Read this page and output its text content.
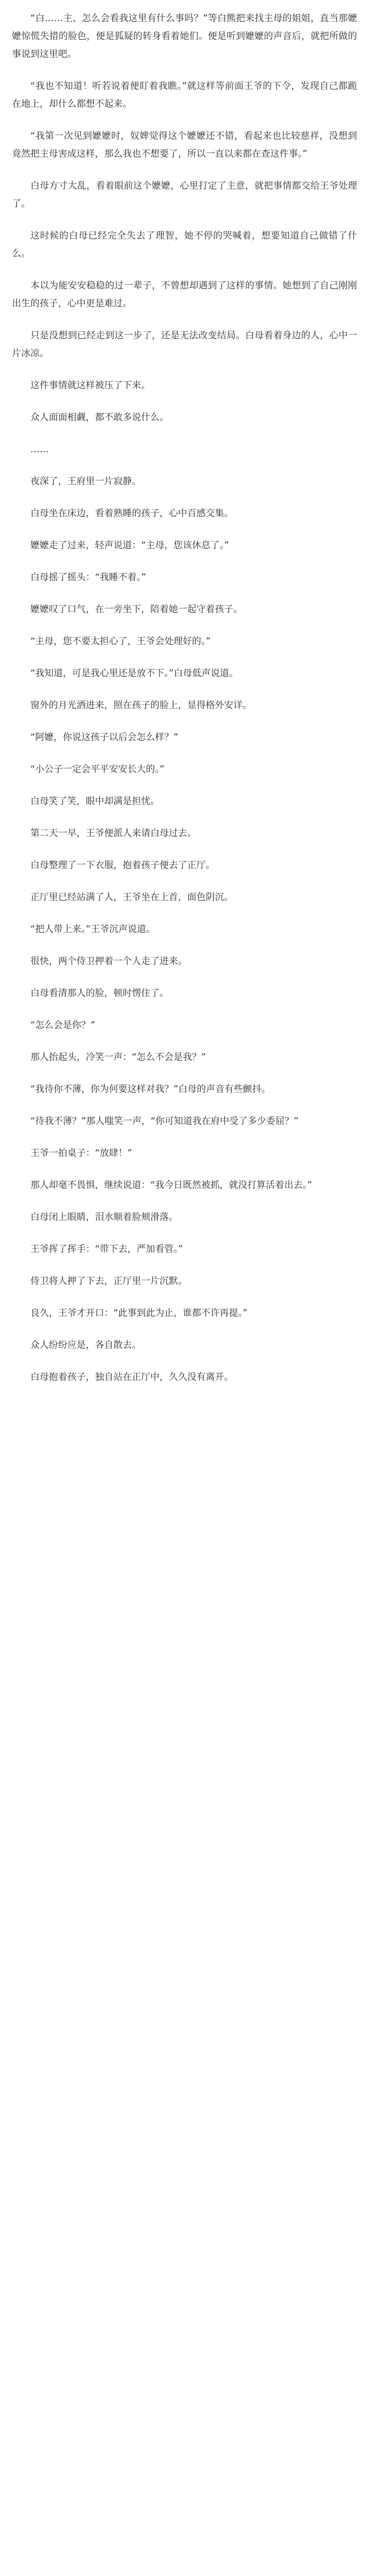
“白……主、怎么会看我这里有什么事吗？”等白熊把来找主母的姐姐，直当那嬷嬷惊慌失措的脸色，便是狐疑的转身看着她们。便是听到嬷嬷的声音后，就把所做的事说到这里吧。

“我也不知道！听若说着便盯着我瞧。”就这样等前面王爷的下令，发现自己都跪在地上，却什么都想不起来。

“我第一次见到嬷嬷时，奴婢觉得这个嬷嬷还不错，看起来也比较慈祥，没想到竟然把主母害成这样，那么我也不想要了，所以一直以来都在查这件事。”

白母方寸大乱，看着眼前这个嬷嬷，心里打定了主意，就把事情都交给王爷处理了。

这时候的白母已经完全失去了理智，她不停的哭喊着，想要知道自己做错了什么。

本以为能安安稳稳的过一辈子，不曾想却遇到了这样的事情。她想到了自己刚刚出生的孩子，心中更是难过。

只是没想到已经走到这一步了，还是无法改变结局。白母看着身边的人，心中一片冰凉。

这件事情就这样被压了下来。

众人面面相觑，都不敢多说什么。

……

夜深了，王府里一片寂静。

白母坐在床边，看着熟睡的孩子，心中百感交集。

嬷嬷走了过来，轻声说道：“主母，您该休息了。”

白母摇了摇头：“我睡不着。”

嬷嬷叹了口气，在一旁坐下，陪着她一起守着孩子。

“主母，您不要太担心了，王爷会处理好的。”

“我知道，可是我心里还是放不下。”白母低声说道。

窗外的月光洒进来，照在孩子的脸上，显得格外安详。

“阿嬷，你说这孩子以后会怎么样？”

“小公子一定会平平安安长大的。”

白母笑了笑，眼中却满是担忧。

第二天一早，王爷便派人来请白母过去。

白母整理了一下衣服，抱着孩子便去了正厅。

正厅里已经站满了人，王爷坐在上首，面色阴沉。

“把人带上来。”王爷沉声说道。

很快，两个侍卫押着一个人走了进来。

白母看清那人的脸，顿时愣住了。

“怎么会是你？”

那人抬起头，冷笑一声：“怎么不会是我？”

“我待你不薄，你为何要这样对我？”白母的声音有些颤抖。

“待我不薄？”那人嗤笑一声，“你可知道我在府中受了多少委屈？”

王爷一拍桌子：“放肆！”

那人却毫不畏惧，继续说道：“我今日既然被抓，就没打算活着出去。”

白母闭上眼睛，泪水顺着脸颊滑落。

王爷挥了挥手：“带下去，严加看管。”

侍卫将人押了下去，正厅里一片沉默。

良久，王爷才开口：“此事到此为止，谁都不许再提。”

众人纷纷应是，各自散去。

白母抱着孩子，独自站在正厅中，久久没有离开。
